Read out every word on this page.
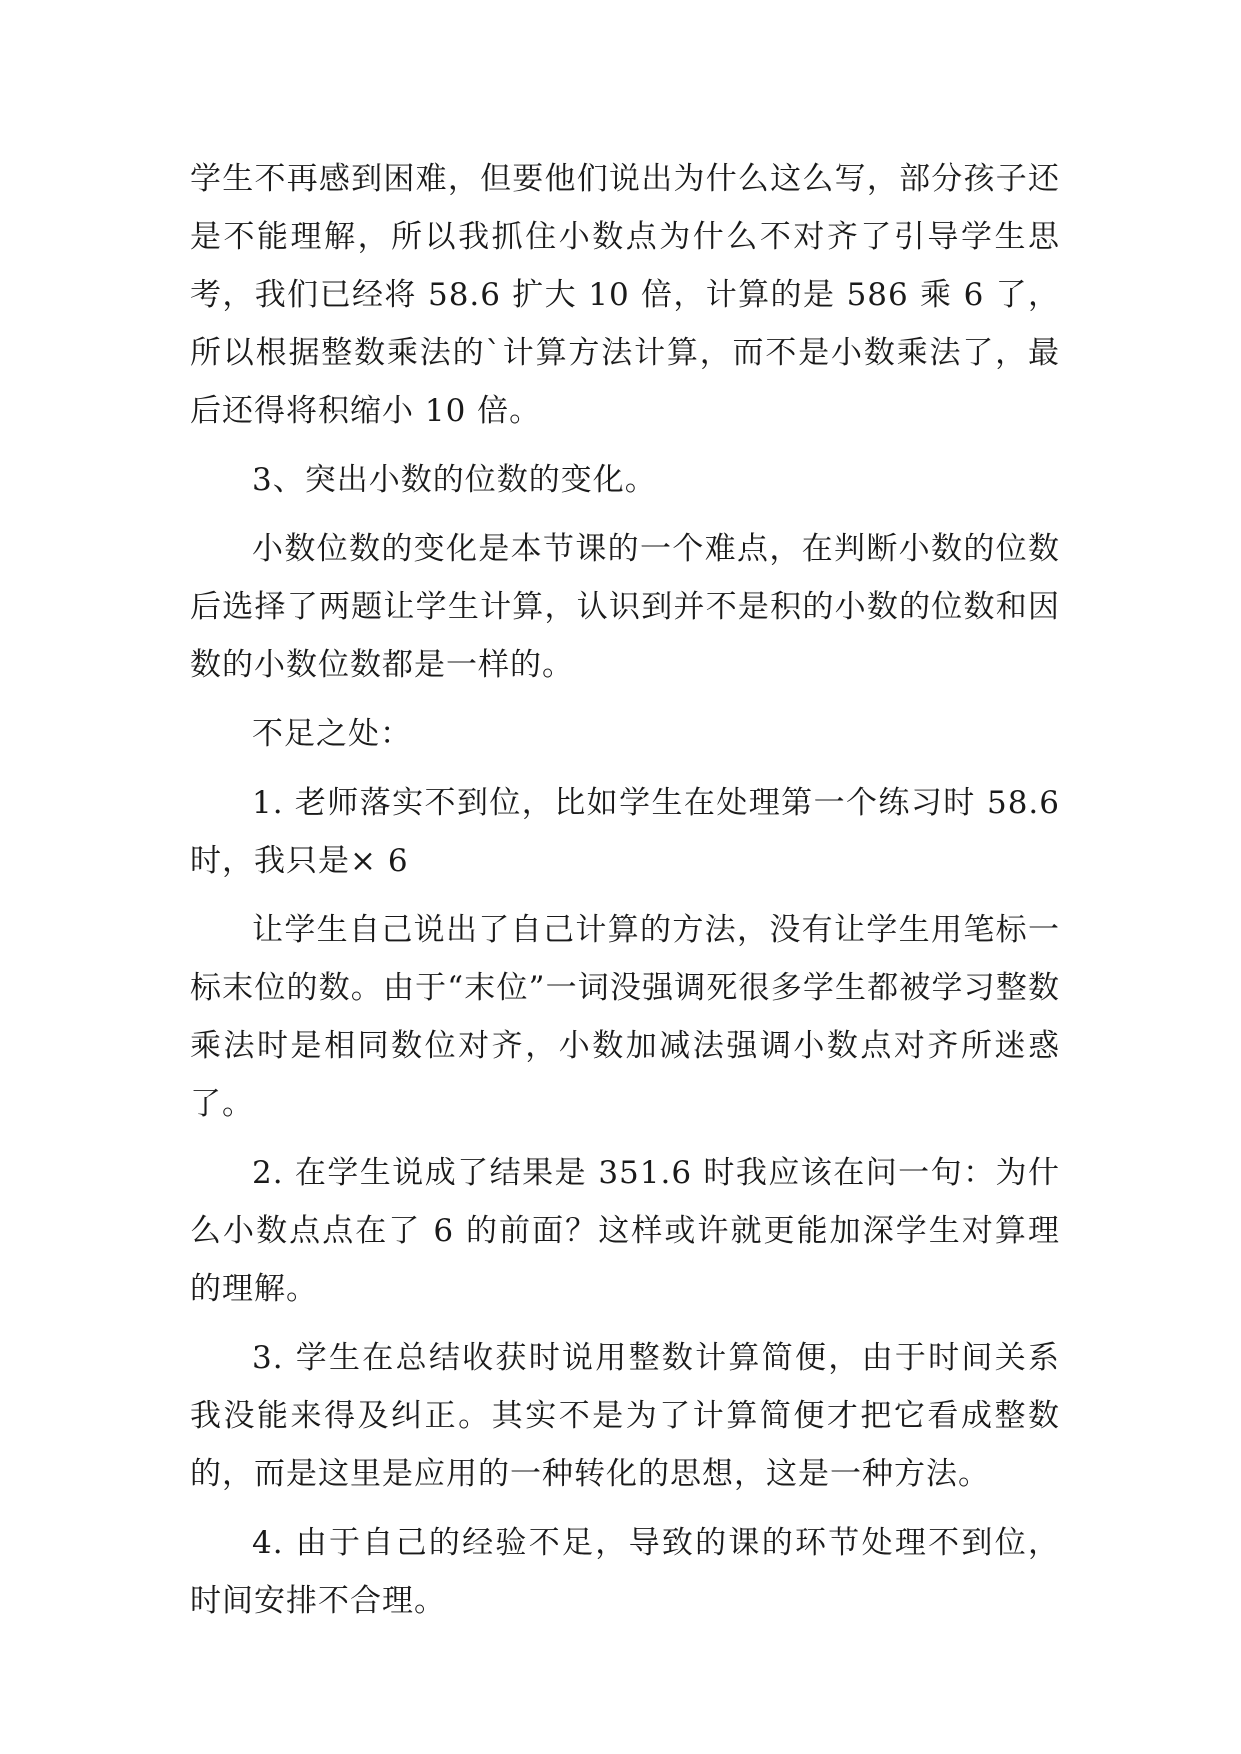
学生不再感到困难，但要他们说出为什么这么写，部分孩子还是不能理解，所以我抓住小数点为什么不对齐了引导学生思考，我们已经将 58.6 扩大 10 倍，计算的是 586 乘 6 了，所以根据整数乘法的`计算方法计算，而不是小数乘法了，最后还得将积缩小 10 倍。

3、突出小数的位数的变化。

小数位数的变化是本节课的一个难点，在判断小数的位数后选择了两题让学生计算，认识到并不是积的小数的位数和因数的小数位数都是一样的。

不足之处：

1. 老师落实不到位，比如学生在处理第一个练习时 58.6 时，我只是× 6

让学生自己说出了自己计算的方法，没有让学生用笔标一标末位的数。由于“末位”一词没强调死很多学生都被学习整数乘法时是相同数位对齐，小数加减法强调小数点对齐所迷惑了。

2. 在学生说成了结果是 351.6 时我应该在问一句：为什么小数点点在了 6 的前面？这样或许就更能加深学生对算理的理解。

3. 学生在总结收获时说用整数计算简便，由于时间关系我没能来得及纠正。其实不是为了计算简便才把它看成整数的，而是这里是应用的一种转化的思想，这是一种方法。

4. 由于自己的经验不足，导致的课的环节处理不到位，时间安排不合理。
